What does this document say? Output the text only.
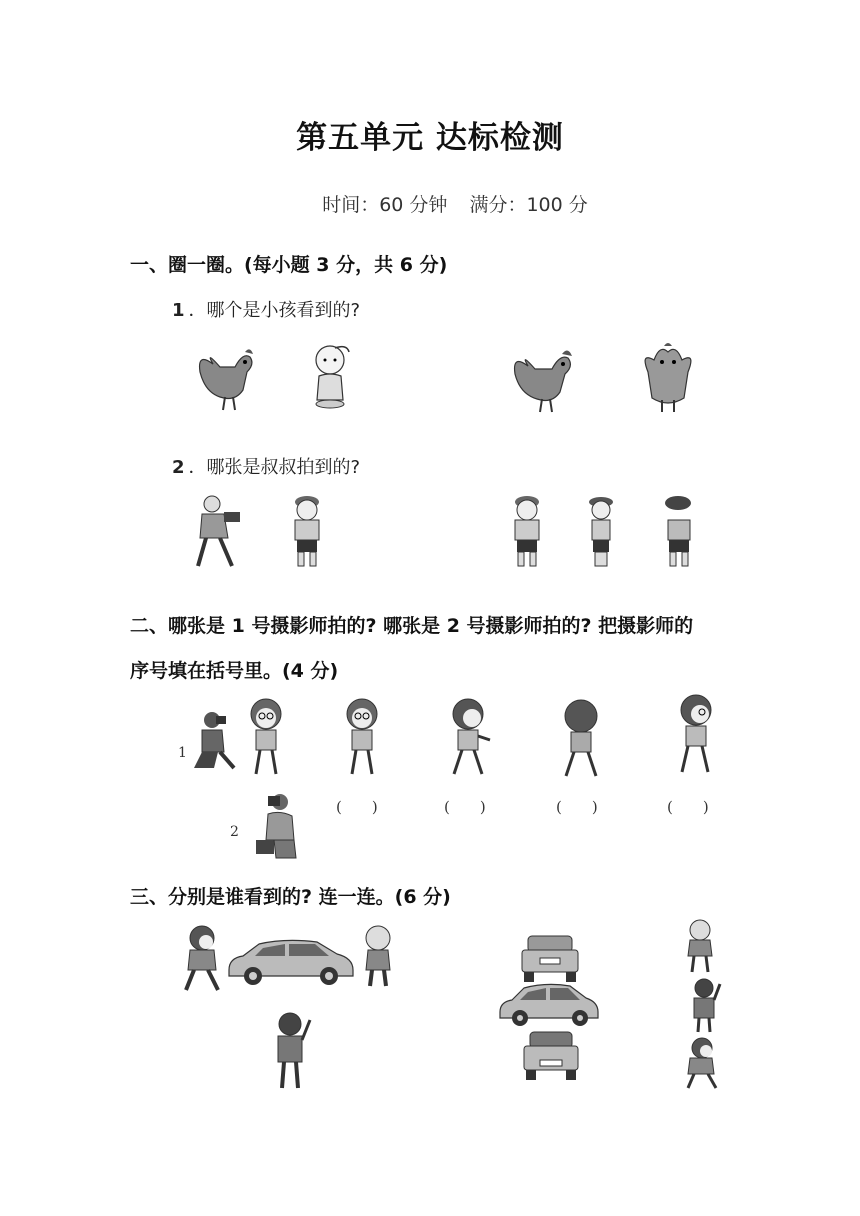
第五单元 达标检测
时间：60 分钟 满分：100 分
一、圈一圈。(每小题 3 分，共 6 分)
1 ．哪个是小孩看到的?
2 ．哪张是叔叔拍到的?
二、哪张是 1 号摄影师拍的? 哪张是 2 号摄影师拍的? 把摄影师的
序号填在括号里。(4 分)
1
2
(　　)	(　　)	(　　)	(　　)
三、分别是谁看到的? 连一连。(6 分)
